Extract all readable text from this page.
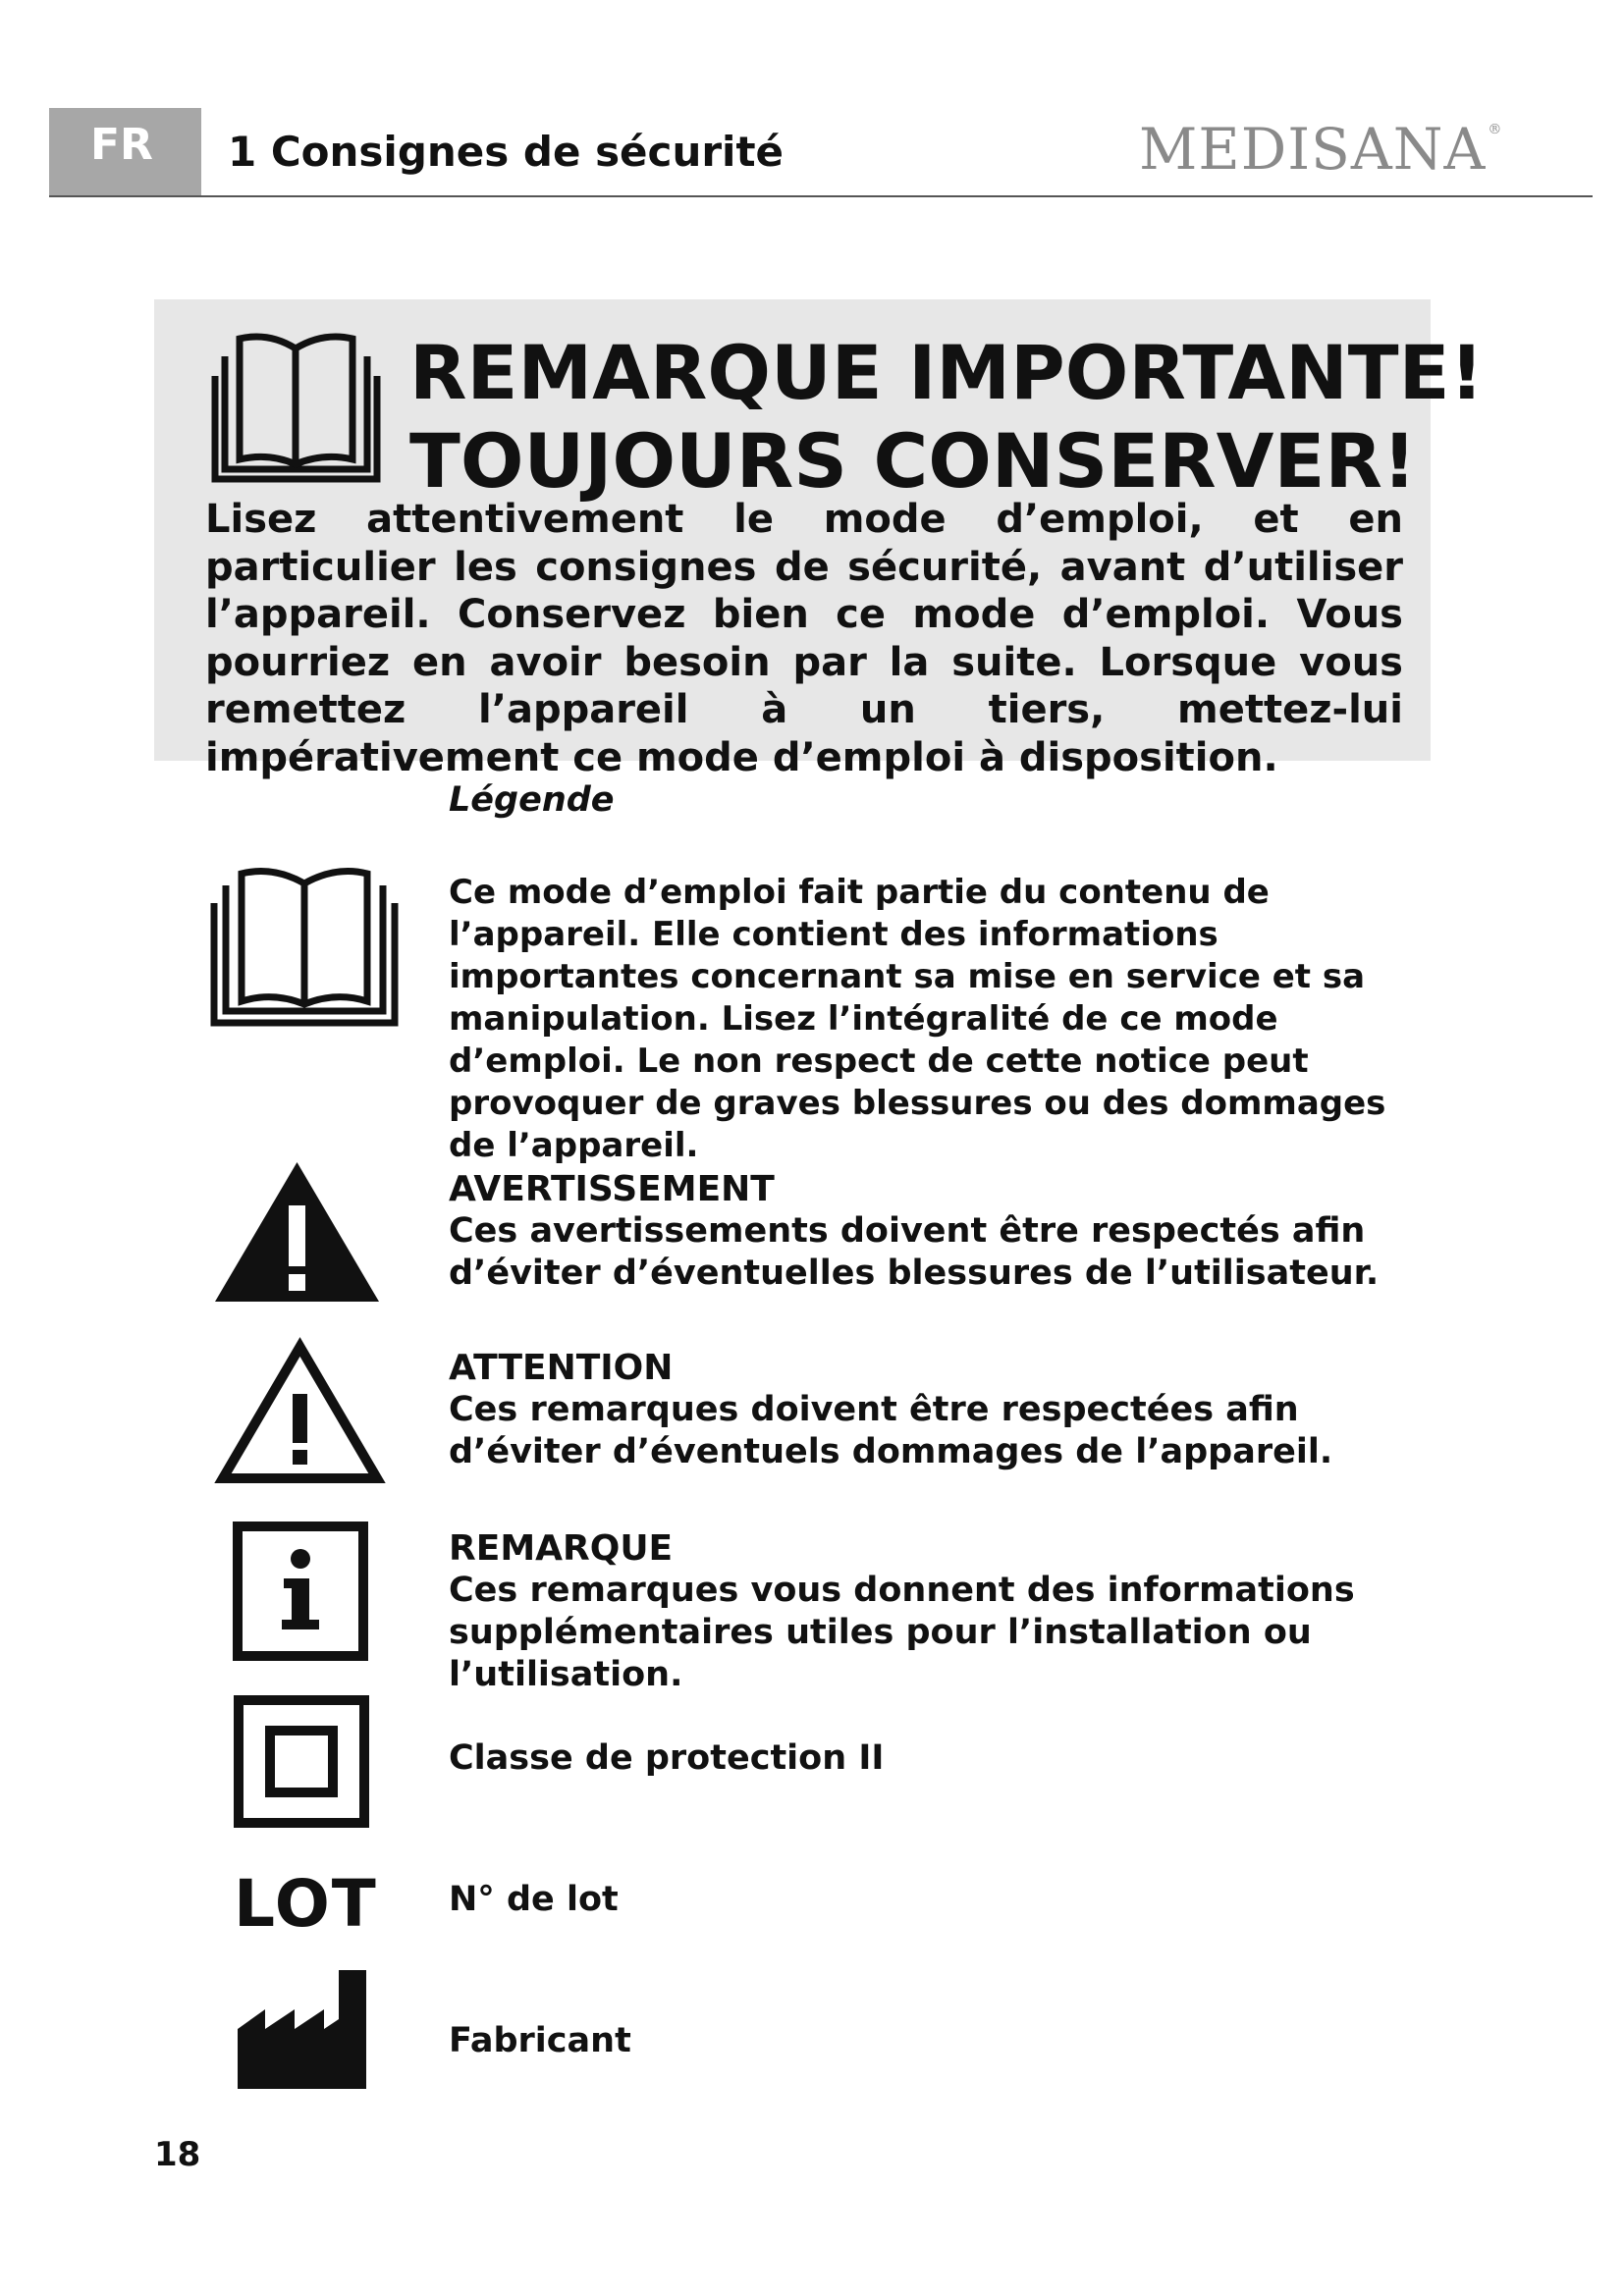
FR	1 Consignes de sécurité	MEDISANA ®
REMARQUE IMPORTANTE!
TOUJOURS CONSERVER!
Lisez attentivement le mode d’emploi, et en particulier les consignes de sécurité, avant d’utiliser l’appareil. Conservez bien ce mode d’emploi. Vous pourriez en avoir besoin par la suite. Lorsque vous remettez l’appareil à un tiers, mettez-lui impérativement ce mode d’emploi à disposition.
Légende
Ce mode d’emploi fait partie du contenu de l’appareil. Elle contient des informations importantes concernant sa mise en service et sa manipulation. Lisez l’intégralité de ce mode d’emploi. Le non respect de cette notice peut provoquer de graves blessures ou des dommages de l’appareil.
AVERTISSEMENT
Ces avertissements doivent être respectés afin d’éviter d’éventuelles blessures de l’utilisateur.
ATTENTION
Ces remarques doivent être respectées afin d’éviter d’éventuels dommages de l’appareil.
REMARQUE
Ces remarques vous donnent des informations supplémentaires utiles pour l’installation ou l’utilisation.
Classe de protection II
LOT N° de lot
Fabricant
18
